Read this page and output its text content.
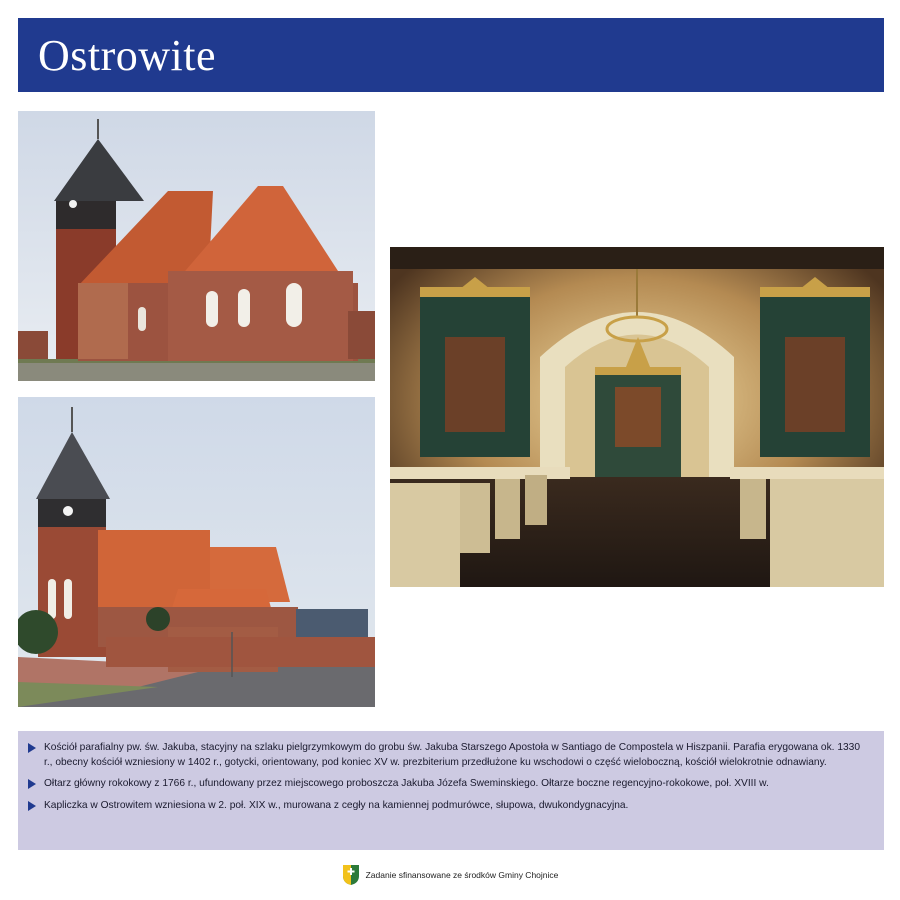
Ostrowite
Kościół parafialny pw. św. Jakuba, stacyjny na szlaku pielgrzymkowym do grobu św. Jakuba Starszego Apostoła w Santiago de Compostela w Hiszpanii. Parafia erygowana ok. 1330 r., obecny kościół wzniesiony w 1402 r., gotycki, orientowany, pod koniec XV w. prezbiterium przedłużone ku wschodowi o część wieloboczną, kościół wielokrotnie odnawiany.
Ołtarz główny rokokowy z 1766 r., ufundowany przez miejscowego proboszcza Jakuba Józefa Sweminskiego. Ołtarze boczne regencyjno-rokokowe, poł. XVIII w.
Kapliczka w Ostrowitem wzniesiona w 2. poł. XIX w., murowana z cegły na kamiennej podmurówce, słupowa, dwukondygnacyjna.
Zadanie sfinansowane ze środków Gminy Chojnice
